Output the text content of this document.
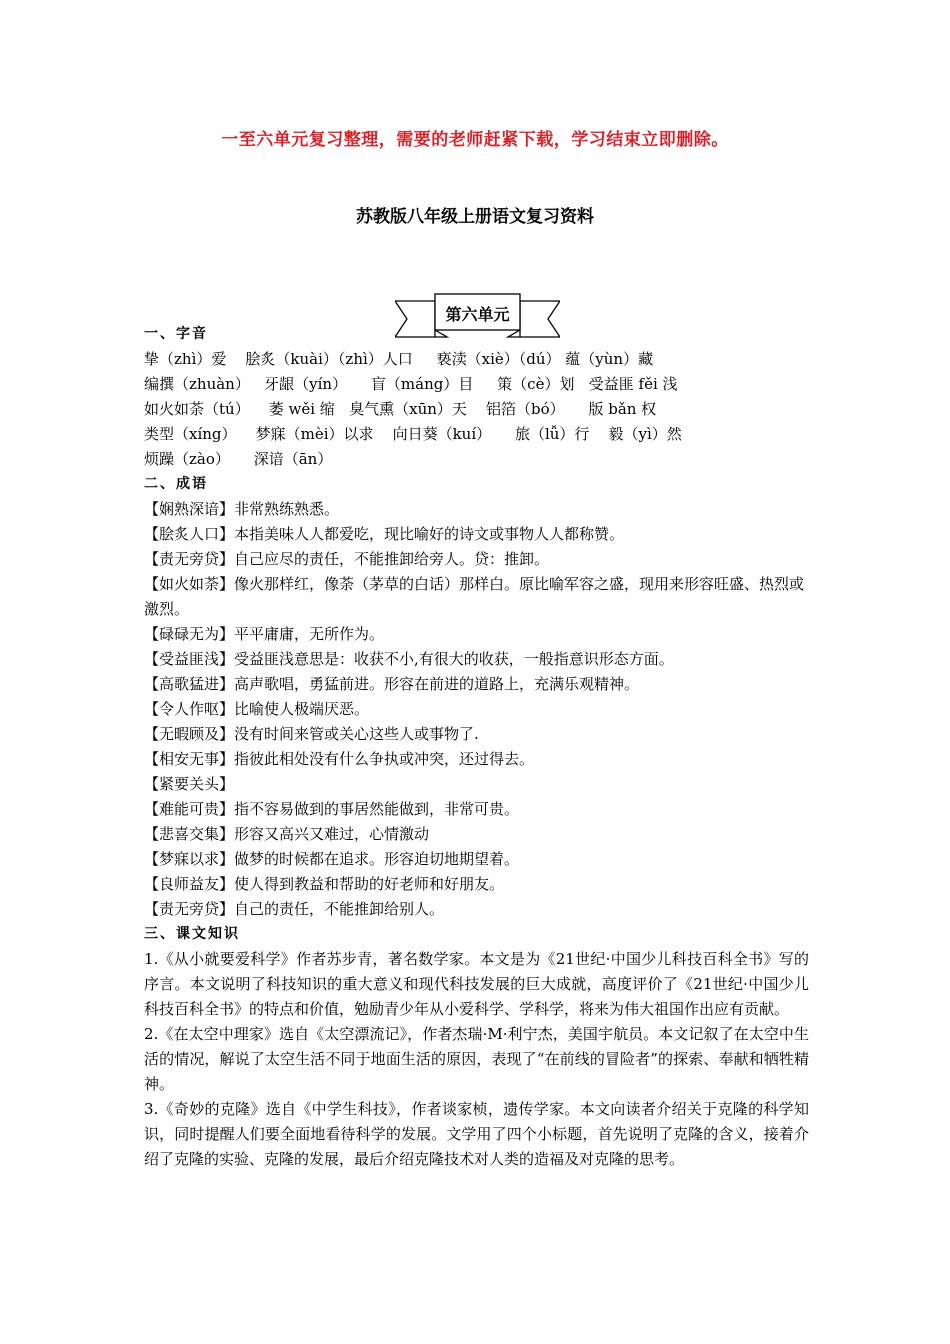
一至六单元复习整理，需要的老师赶紧下载，学习结束立即删除。
苏教版八年级上册语文复习资料
第六单元
一、字音
挚（zhì）爱    脍炙（kuài）（zhì）人口     亵渎（xiè）（dú） 蕴（yùn）藏
编撰（zhuàn）   牙龈（yín）     盲（máng）目     策（cè）划   受益匪 fěi 浅
如火如荼（tú）    萎 wěi 缩   臭气熏（xūn）天    铝箔（bó）     版 bǎn 权
类型（xíng）    梦寐（mèi）以求    向日葵（kuí）     旅（lǚ）行    毅（yì）然
烦躁（zào）     深谙（ān）
二、成语
【娴熟深谙】非常熟练熟悉。
【脍炙人口】本指美味人人都爱吃，现比喻好的诗文或事物人人都称赞。
【责无旁贷】自己应尽的责任，不能推卸给旁人。贷：推卸。
【如火如荼】像火那样红，像荼（茅草的白话）那样白。原比喻军容之盛，现用来形容旺盛、热烈或激烈。
【碌碌无为】平平庸庸，无所作为。
【受益匪浅】受益匪浅意思是：收获不小,有很大的收获，一般指意识形态方面。
【高歌猛进】高声歌唱，勇猛前进。形容在前进的道路上，充满乐观精神。
【令人作呕】比喻使人极端厌恶。
【无暇顾及】没有时间来管或关心这些人或事物了.
【相安无事】指彼此相处没有什么争执或冲突，还过得去。
【紧要关头】
【难能可贵】指不容易做到的事居然能做到，非常可贵。
【悲喜交集】形容又高兴又难过，心情激动
【梦寐以求】做梦的时候都在追求。形容迫切地期望着。
【良师益友】使人得到教益和帮助的好老师和好朋友。
【责无旁贷】自己的责任，不能推卸给别人。
三、课文知识
1.《从小就要爱科学》作者苏步青，著名数学家。本文是为《21世纪·中国少儿科技百科全书》写的序言。本文说明了科技知识的重大意义和现代科技发展的巨大成就，高度评价了《21世纪·中国少儿科技百科全书》的特点和价值，勉励青少年从小爱科学、学科学，将来为伟大祖国作出应有贡献。
2.《在太空中理家》选自《太空漂流记》，作者杰瑞·M·利宁杰，美国宇航员。本文记叙了在太空中生活的情况，解说了太空生活不同于地面生活的原因，表现了“在前线的冒险者”的探索、奉献和牺牲精神。
3.《奇妙的克隆》选自《中学生科技》，作者谈家桢，遗传学家。本文向读者介绍关于克隆的科学知识，同时提醒人们要全面地看待科学的发展。文学用了四个小标题，首先说明了克隆的含义，接着介绍了克隆的实验、克隆的发展，最后介绍克隆技术对人类的造福及对克隆的思考。
